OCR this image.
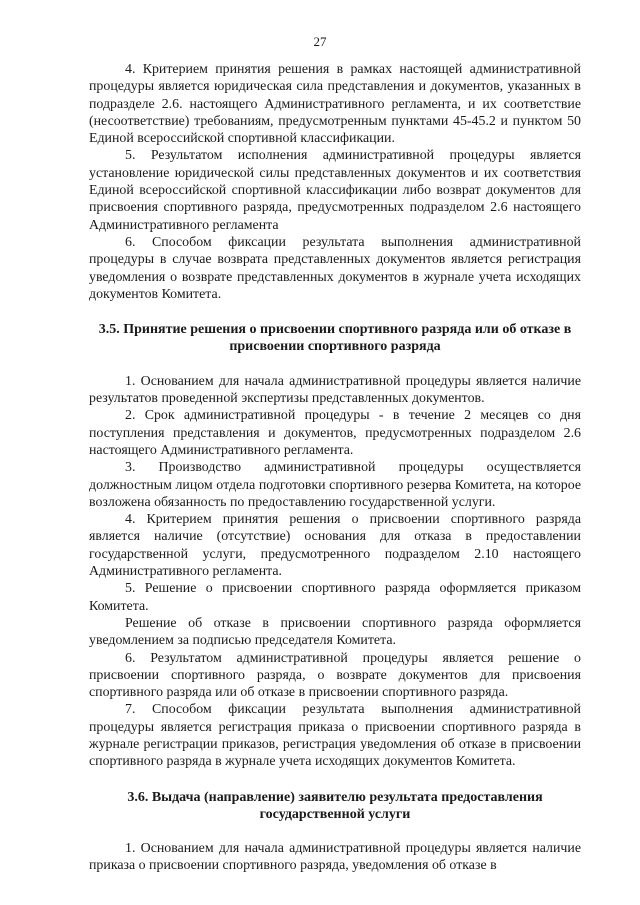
27

4. Критерием принятия решения в рамках настоящей административной процедуры является юридическая сила представления и документов, указанных в подразделе 2.6. настоящего Административного регламента, и их соответствие (несоответствие) требованиям, предусмотренным пунктами 45-45.2 и пунктом 50 Единой всероссийской спортивной классификации.

5. Результатом исполнения административной процедуры является установление юридической силы представленных документов и их соответствия Единой всероссийской спортивной классификации либо возврат документов для присвоения спортивного разряда, предусмотренных подразделом 2.6 настоящего Административного регламента

6. Способом фиксации результата выполнения административной процедуры в случае возврата представленных документов является регистрация уведомления о возврате представленных документов в журнале учета исходящих документов Комитета.

3.5. Принятие решения о присвоении спортивного разряда или об отказе в присвоении спортивного разряда

1. Основанием для начала административной процедуры является наличие результатов проведенной экспертизы представленных документов.

2. Срок административной процедуры - в течение 2 месяцев со дня поступления представления и документов, предусмотренных подразделом 2.6 настоящего Административного регламента.

3. Производство административной процедуры осуществляется должностным лицом отдела подготовки спортивного резерва Комитета, на которое возложена обязанность по предоставлению государственной услуги.

4. Критерием принятия решения о присвоении спортивного разряда является наличие (отсутствие) основания для отказа в предоставлении государственной услуги, предусмотренного подразделом 2.10 настоящего Административного регламента.

5. Решение о присвоении спортивного разряда оформляется приказом Комитета.

Решение об отказе в присвоении спортивного разряда оформляется уведомлением за подписью председателя Комитета.

6. Результатом административной процедуры является решение о присвоении спортивного разряда, о возврате документов для присвоения спортивного разряда или об отказе в присвоении спортивного разряда.

7. Способом фиксации результата выполнения административной процедуры является регистрация приказа о присвоении спортивного разряда в журнале регистрации приказов, регистрация уведомления об отказе в присвоении спортивного разряда в журнале учета исходящих документов Комитета.

3.6. Выдача (направление) заявителю результата предоставления государственной услуги

1. Основанием для начала административной процедуры является наличие приказа о присвоении спортивного разряда, уведомления об отказе в
